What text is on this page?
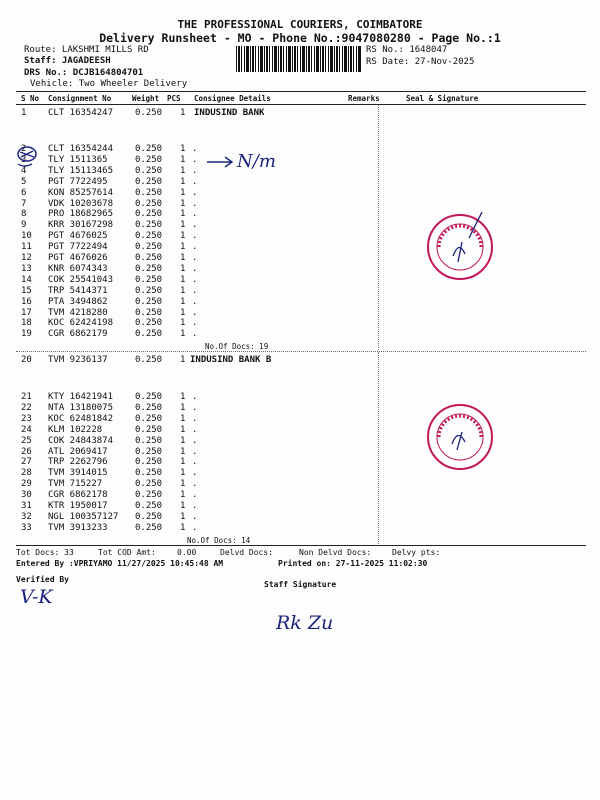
THE PROFESSIONAL COURIERS, COIMBATORE
Delivery Runsheet - MO - Phone No.:9047080280 - Page No.:1
Route: LAKSHMI MILLS RD
Staff: JAGADEESH
DRS No.: DCJB164804701
Vehicle: Two Wheeler Delivery
RS No.: 1648047
RS Date: 27-Nov-2025
S No Consignment No	Weight PCS Consignee Details	Remarks	Seal & Signature
1 CLT 16354247 0.250 1 INDUSIND BANK
2 CLT 16354244 0.250 1 .
3 TLY 1511365	0.250 1 .
4 TLY 15113465 0.250 1 .
5 PGT 7722495	0.250 1 .
6 KON 85257614 0.250 1 .
7 VDK 10203678 0.250 1 .
8 PRO 18682965 0.250 1 .
9 KRR 30167298 0.250 1 .
10 PGT 4676025	0.250 1 .
11 PGT 7722494	0.250 1 .
12 PGT 4676026	0.250 1 .
13 KNR 6074343	0.250 1 .
14 COK 25541043 0.250 1 .
15 TRP 5414371	0.250 1 .
16 PTA 3494862	0.250 1 .
17 TVM 4218280	0.250 1 .
18 KOC 62424198 0.250 1 .
19 CGR 6862179	0.250 1 .
No.Of Docs: 19
20 TVM 9236137	0.250 1 INDUSIND BANK B
21 KTY 16421941 0.250 1 .
22 NTA 13180075 0.250 1 .
23 KOC 62481842 0.250 1 .
24 KLM 102228	0.250 1 .
25 COK 24843874 0.250 1 .
26 ATL 2069417	0.250 1 .
27 TRP 2262796	0.250 1 .
28 TVM 3914015	0.250 1 .
29 TVM 715227	0.250 1 .
30 CGR 6862178	0.250 1 .
31 KTR 1950017	0.250 1 .
32 NGL 100357127 0.250 1 .
33 TVM 3913233	0.250 1 .
No.Of Docs: 14
Tot Docs: 33	Tot COD Amt:	0.00	Delvd Docs:	Non Delvd Docs:	Delvy pts:
Entered By :VPRIYAMO 11/27/2025 10:45:48 AM	Printed on: 27-11-2025 11:02:30
Verified By
Staff Signature
N/m
V-K
Rk Zu
